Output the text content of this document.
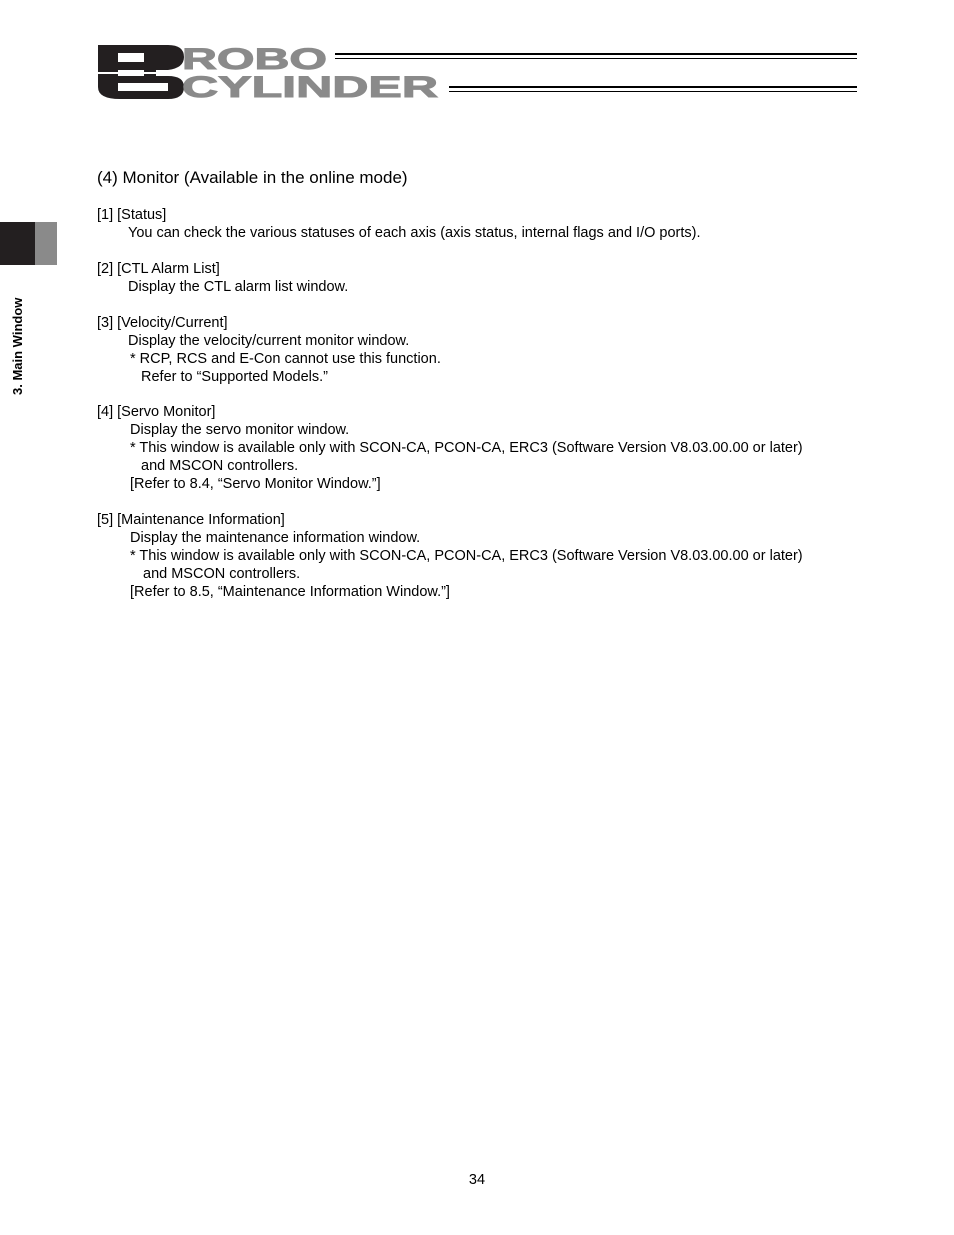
ROBO
CYLINDER
3. Main Window
(4) Monitor (Available in the online mode)
[1] [Status]
You can check the various statuses of each axis (axis status, internal flags and I/O ports).
[2] [CTL Alarm List]
Display the CTL alarm list window.
[3] [Velocity/Current]
Display the velocity/current monitor window.
* RCP, RCS and E-Con cannot use this function.
Refer to “Supported Models.”
[4] [Servo Monitor]
Display the servo monitor window.
* This window is available only with SCON-CA, PCON-CA, ERC3 (Software Version V8.03.00.00 or later)
and MSCON controllers.
[Refer to 8.4, “Servo Monitor Window.”]
[5] [Maintenance Information]
Display the maintenance information window.
* This window is available only with SCON-CA, PCON-CA, ERC3 (Software Version V8.03.00.00 or later)
and MSCON controllers.
[Refer to 8.5, “Maintenance Information Window.”]
34
